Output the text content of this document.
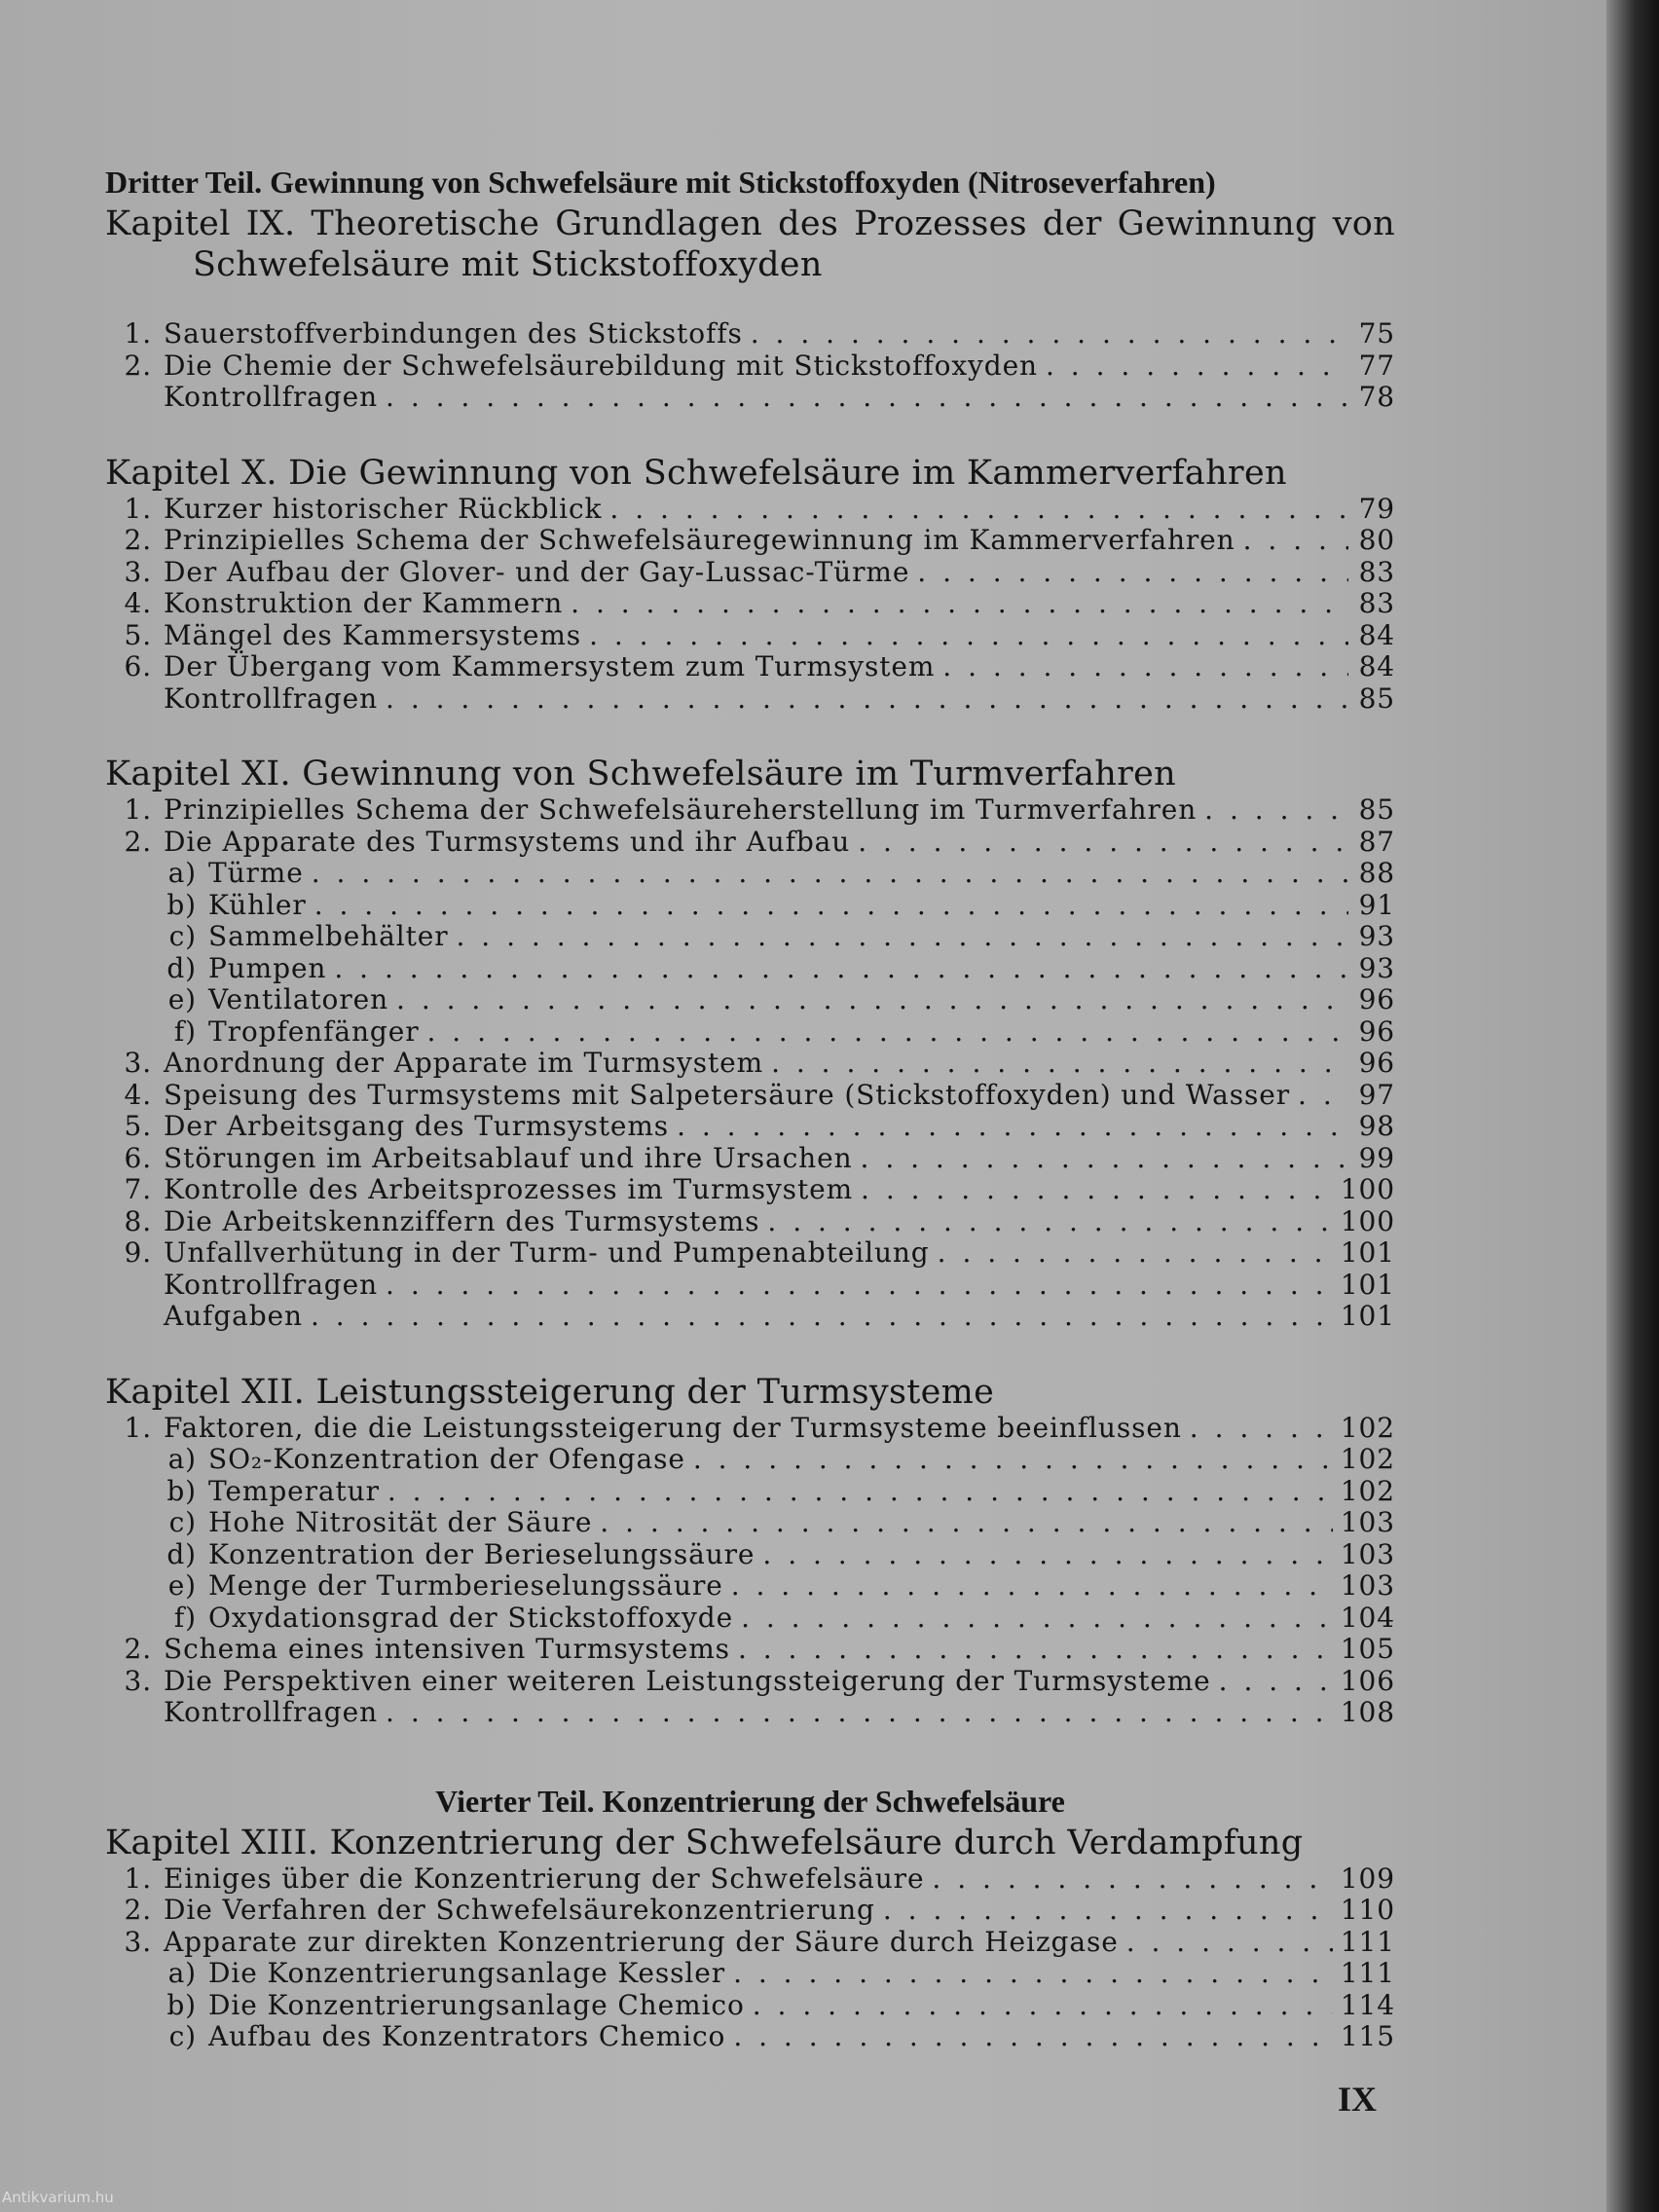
Dritter Teil. Gewinnung von Schwefelsäure mit Stickstoffoxyden (Nitroseverfahren)

Kapitel IX. Theoretische Grundlagen des Prozesses der Gewinnung von Schwefelsäure mit Stickstoffoxyden

1. Sauerstoffverbindungen des Stickstoffs . . .	75
2. Die Chemie der Schwefelsäurebildung mit Stickstoffoxyden . . .	77
Kontrollfragen . . .	78

Kapitel X. Die Gewinnung von Schwefelsäure im Kammerverfahren

1. Kurzer historischer Rückblick . . .	79
2. Prinzipielles Schema der Schwefelsäuregewinnung im Kammerverfahren . . .	80
3. Der Aufbau der Glover- und der Gay-Lussac-Türme . . .	83
4. Konstruktion der Kammern . . .	83
5. Mängel des Kammersystems . . .	84
6. Der Übergang vom Kammersystem zum Turmsystem . . .	84
Kontrollfragen . . .	85

Kapitel XI. Gewinnung von Schwefelsäure im Turmverfahren

1. Prinzipielles Schema der Schwefelsäureherstellung im Turmverfahren . . .	85
2. Die Apparate des Turmsystems und ihr Aufbau . . .	87
a) Türme . . .	88
b) Kühler . . .	91
c) Sammelbehälter . . .	93
d) Pumpen . . .	93
e) Ventilatoren . . .	96
f) Tropfenfänger . . .	96
3. Anordnung der Apparate im Turmsystem . . .	96
4. Speisung des Turmsystems mit Salpetersäure (Stickstoffoxyden) und Wasser . . .	97
5. Der Arbeitsgang des Turmsystems . . .	98
6. Störungen im Arbeitsablauf und ihre Ursachen . . .	99
7. Kontrolle des Arbeitsprozesses im Turmsystem . . .	100
8. Die Arbeitskennziffern des Turmsystems . . .	100
9. Unfallverhütung in der Turm- und Pumpenabteilung . . .	101
Kontrollfragen . . .	101
Aufgaben . . .	101

Kapitel XII. Leistungssteigerung der Turmsysteme

1. Faktoren, die die Leistungssteigerung der Turmsysteme beeinflussen . . .	102
a) SO₂-Konzentration der Ofengase . . .	102
b) Temperatur . . .	102
c) Hohe Nitrosität der Säure . . .	103
d) Konzentration der Berieselungssäure . . .	103
e) Menge der Turmberieselungssäure . . .	103
f) Oxydationsgrad der Stickstoffoxyde . . .	104
2. Schema eines intensiven Turmsystems . . .	105
3. Die Perspektiven einer weiteren Leistungssteigerung der Turmsysteme . . .	106
Kontrollfragen . . .	108
Vierter Teil. Konzentrierung der Schwefelsäure

Kapitel XIII. Konzentrierung der Schwefelsäure durch Verdampfung

1. Einiges über die Konzentrierung der Schwefelsäure . . .	109
2. Die Verfahren der Schwefelsäurekonzentrierung . . .	110
3. Apparate zur direkten Konzentrierung der Säure durch Heizgase . . .	111
a) Die Konzentrierungsanlage Kessler . . .	111
b) Die Konzentrierungsanlage Chemico . . .	114
c) Aufbau des Konzentrators Chemico . . .	115
IX
Antikvarium.hu
